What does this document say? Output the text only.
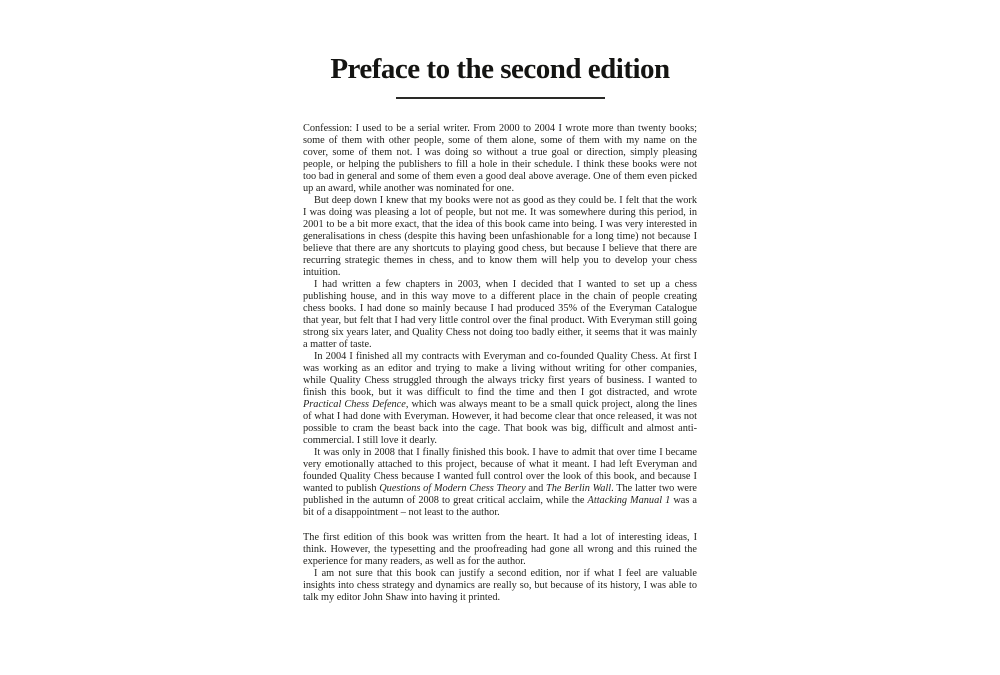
Preface to the second edition

Confession: I used to be a serial writer. From 2000 to 2004 I wrote more than twenty books; some of them with other people, some of them alone, some of them with my name on the cover, some of them not. I was doing so without a true goal or direction, simply pleasing people, or helping the publishers to fill a hole in their schedule. I think these books were not too bad in general and some of them even a good deal above average. One of them even picked up an award, while another was nominated for one.

But deep down I knew that my books were not as good as they could be. I felt that the work I was doing was pleasing a lot of people, but not me. It was somewhere during this period, in 2001 to be a bit more exact, that the idea of this book came into being. I was very interested in generalisations in chess (despite this having been unfashionable for a long time) not because I believe that there are any shortcuts to playing good chess, but because I believe that there are recurring strategic themes in chess, and to know them will help you to develop your chess intuition.

I had written a few chapters in 2003, when I decided that I wanted to set up a chess publishing house, and in this way move to a different place in the chain of people creating chess books. I had done so mainly because I had produced 35% of the Everyman Catalogue that year, but felt that I had very little control over the final product. With Everyman still going strong six years later, and Quality Chess not doing too badly either, it seems that it was mainly a matter of taste.

In 2004 I finished all my contracts with Everyman and co-founded Quality Chess. At first I was working as an editor and trying to make a living without writing for other companies, while Quality Chess struggled through the always tricky first years of business. I wanted to finish this book, but it was difficult to find the time and then I got distracted, and wrote Practical Chess Defence, which was always meant to be a small quick project, along the lines of what I had done with Everyman. However, it had become clear that once released, it was not possible to cram the beast back into the cage. That book was big, difficult and almost anti-commercial. I still love it dearly.

It was only in 2008 that I finally finished this book. I have to admit that over time I became very emotionally attached to this project, because of what it meant. I had left Everyman and founded Quality Chess because I wanted full control over the look of this book, and because I wanted to publish Questions of Modern Chess Theory and The Berlin Wall. The latter two were published in the autumn of 2008 to great critical acclaim, while the Attacking Manual 1 was a bit of a disappointment – not least to the author.

The first edition of this book was written from the heart. It had a lot of interesting ideas, I think. However, the typesetting and the proofreading had gone all wrong and this ruined the experience for many readers, as well as for the author.

I am not sure that this book can justify a second edition, nor if what I feel are valuable insights into chess strategy and dynamics are really so, but because of its history, I was able to talk my editor John Shaw into having it printed.
